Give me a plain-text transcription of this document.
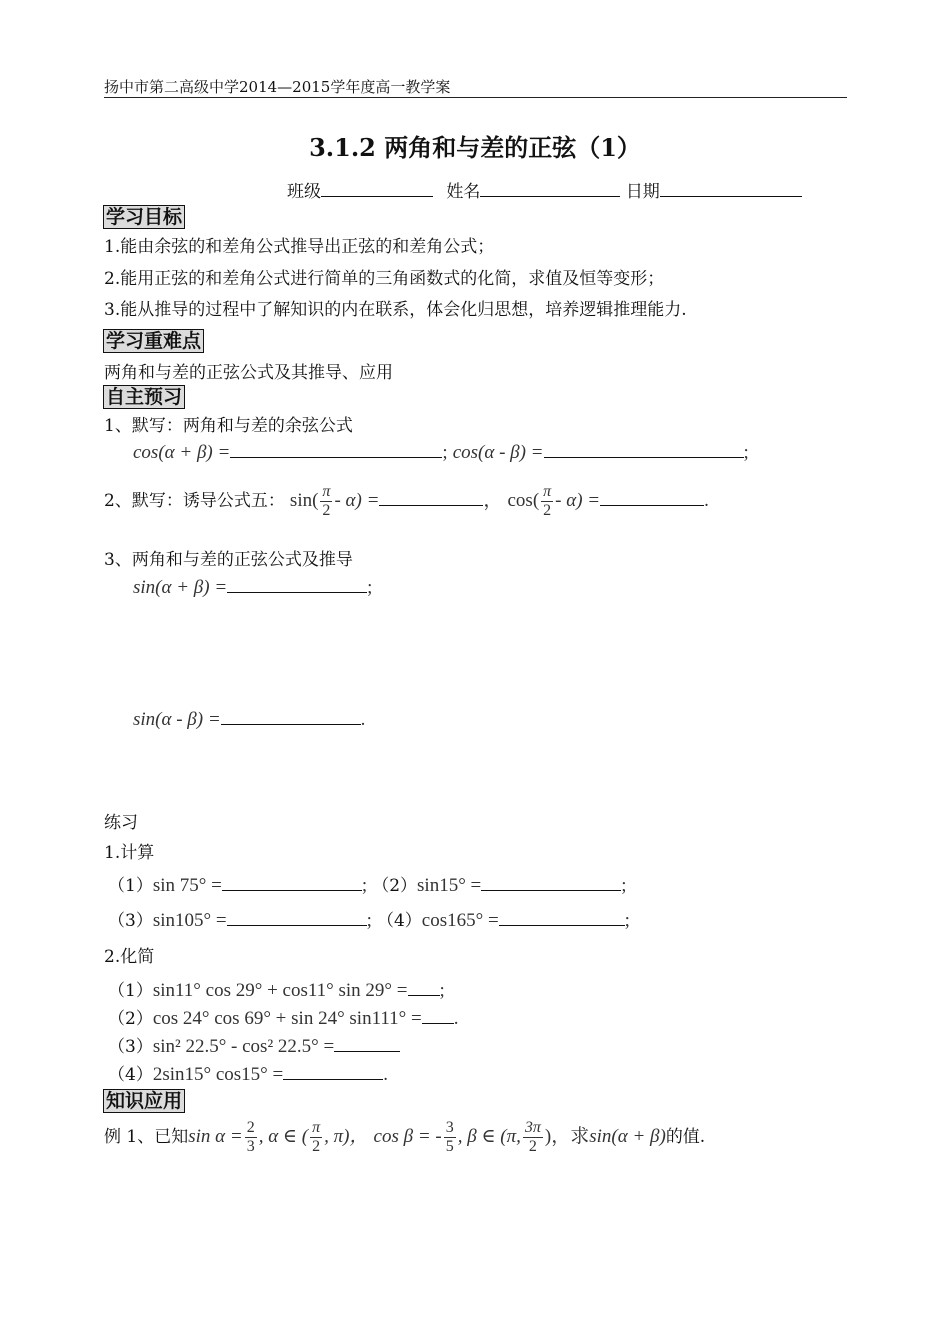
扬中市第二高级中学2014—2015学年度高一教学案
3.1.2 两角和与差的正弦（1）
班级	姓名	日期
学习目标
1.能由余弦的和差角公式推导出正弦的和差角公式；
2.能用正弦的和差角公式进行简单的三角函数式的化简，求值及恒等变形；
3.能从推导的过程中了解知识的内在联系，体会化归思想，培养逻辑推理能力.
学习重难点
两角和与差的正弦公式及其推导、应用
自主预习
1、默写：两角和与差的余弦公式
cos(α + β) =	; cos(α - β) =	;
2、默写：诱导公式五： $\sin( \frac{\pi}{2} - \alpha)$ =	， $\cos( \frac{\pi}{2} - \alpha)$ =	.
3、两角和与差的正弦公式及推导
sin(α + β) =	;
sin(α - β) =	.
练习
1.计算
（1）sin 75° =	; （2）sin15° =	;
（3）sin105° =	; （4）cos165° =	;
2.化简
（1）sin11° cos 29° + cos11° sin 29° = ;
（2）cos 24° cos 69° + sin 24° sin111° = .
（3）sin² 22.5° - cos² 22.5° =
（4）2sin15° cos15° =	.
知识应用
例 1、已知$\sin \alpha = \frac{2}{3}$ , α ∈ ( $\frac{\pi}{2}$ , π)， cos β = - $\frac{3}{5}$ , β ∈ (π, $\frac{3\pi}{2}$ )，求sin(α + β)的值.
